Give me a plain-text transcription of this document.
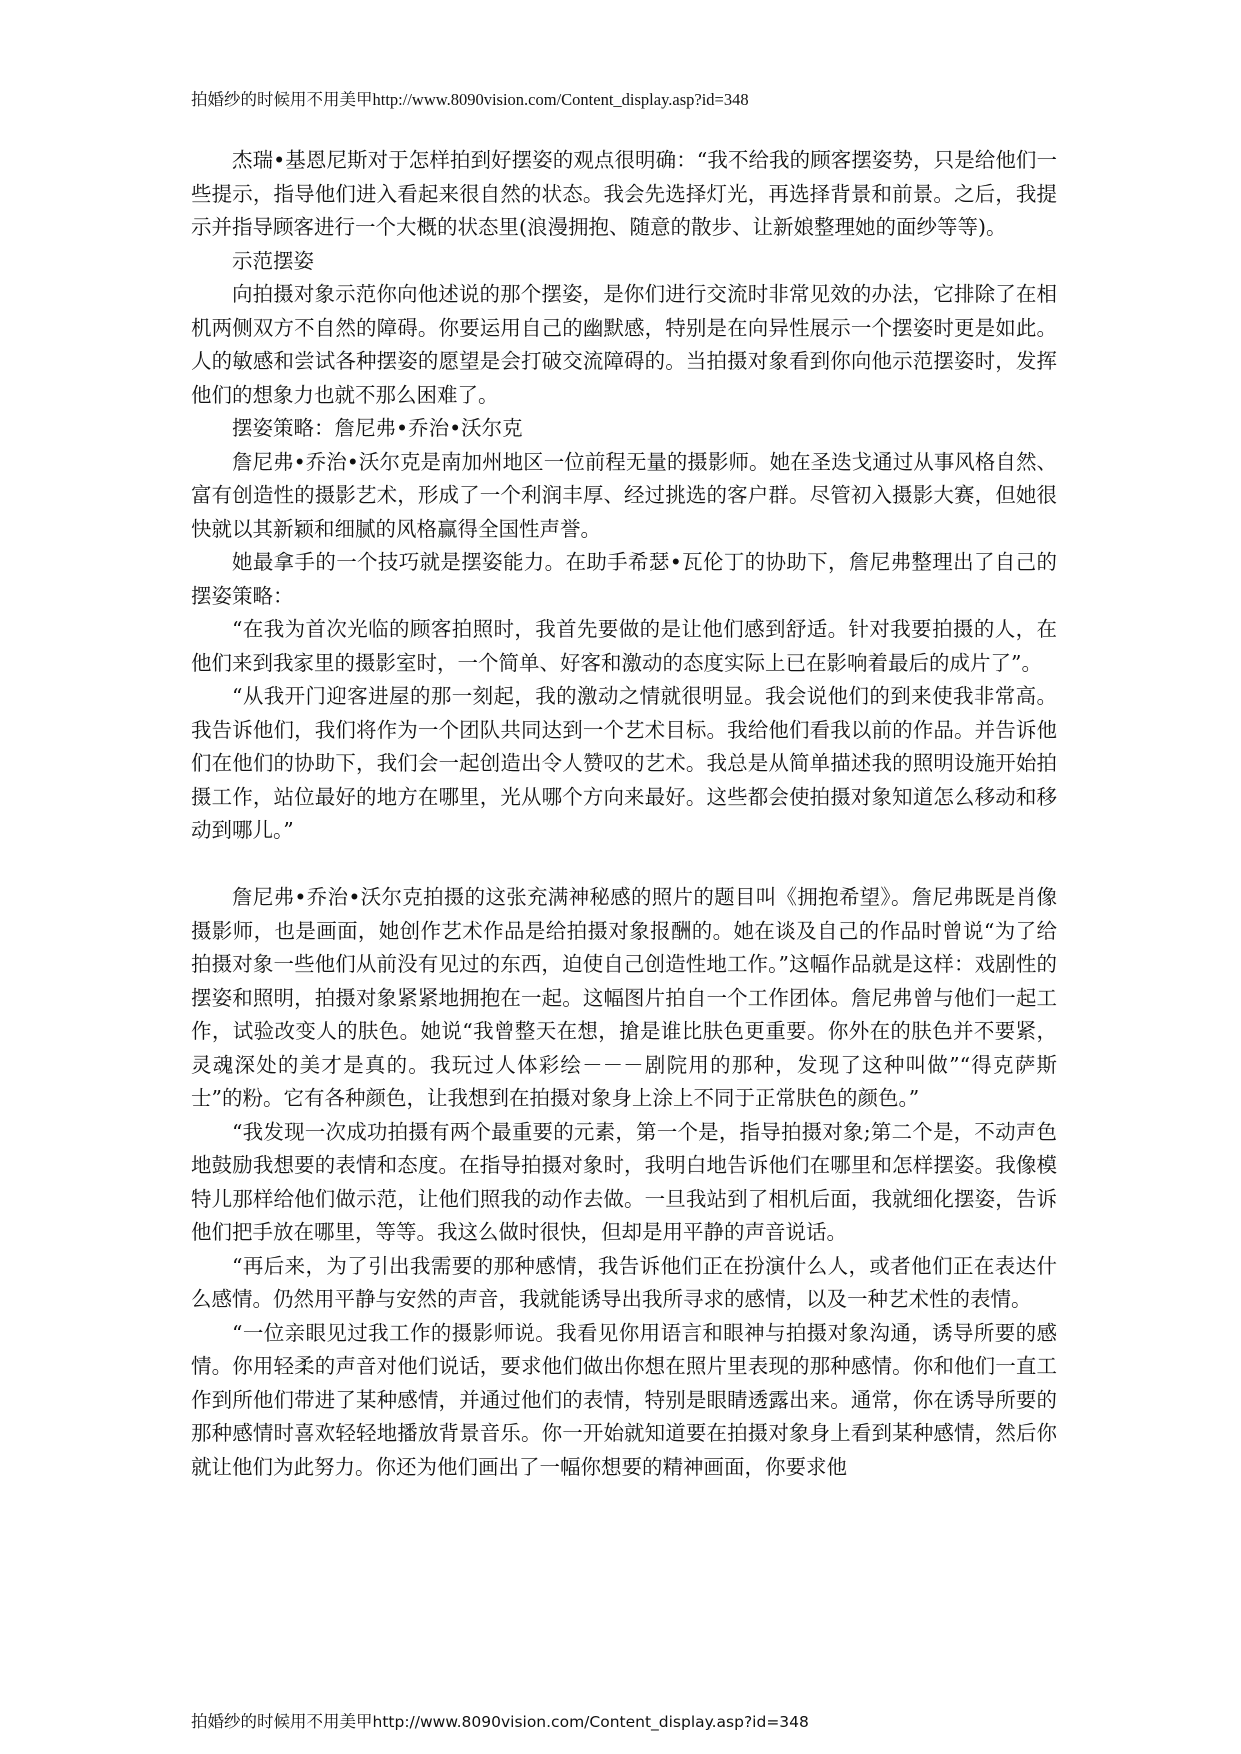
拍婚纱的时候用不用美甲http://www.8090vision.com/Content_display.asp?id=348

杰瑞•基恩尼斯对于怎样拍到好摆姿的观点很明确：“我不给我的顾客摆姿势，只是给他们一些提示，指导他们进入看起来很自然的状态。我会先选择灯光，再选择背景和前景。之后，我提示并指导顾客进行一个大概的状态里(浪漫拥抱、随意的散步、让新娘整理她的面纱等等)。

示范摆姿

向拍摄对象示范你向他述说的那个摆姿，是你们进行交流时非常见效的办法，它排除了在相机两侧双方不自然的障碍。你要运用自己的幽默感，特别是在向异性展示一个摆姿时更是如此。人的敏感和尝试各种摆姿的愿望是会打破交流障碍的。当拍摄对象看到你向他示范摆姿时，发挥他们的想象力也就不那么困难了。

摆姿策略：詹尼弗•乔治•沃尔克

詹尼弗•乔治•沃尔克是南加州地区一位前程无量的摄影师。她在圣迭戈通过从事风格自然、富有创造性的摄影艺术，形成了一个利润丰厚、经过挑选的客户群。尽管初入摄影大赛，但她很快就以其新颖和细腻的风格赢得全国性声誉。

她最拿手的一个技巧就是摆姿能力。在助手希瑟•瓦伦丁的协助下，詹尼弗整理出了自己的摆姿策略：

“在我为首次光临的顾客拍照时，我首先要做的是让他们感到舒适。针对我要拍摄的人，在他们来到我家里的摄影室时，一个简单、好客和激动的态度实际上已在影响着最后的成片了”。

“从我开门迎客进屋的那一刻起，我的激动之情就很明显。我会说他们的到来使我非常高。我告诉他们，我们将作为一个团队共同达到一个艺术目标。我给他们看我以前的作品。并告诉他们在他们的协助下，我们会一起创造出令人赞叹的艺术。我总是从简单描述我的照明设施开始拍摄工作，站位最好的地方在哪里，光从哪个方向来最好。这些都会使拍摄对象知道怎么移动和移动到哪儿。”

詹尼弗•乔治•沃尔克拍摄的这张充满神秘感的照片的题目叫《拥抱希望》。詹尼弗既是肖像摄影师，也是画面，她创作艺术作品是给拍摄对象报酬的。她在谈及自己的作品时曾说“为了给拍摄对象一些他们从前没有见过的东西，迫使自己创造性地工作。”这幅作品就是这样：戏剧性的摆姿和照明，拍摄对象紧紧地拥抱在一起。这幅图片拍自一个工作团体。詹尼弗曾与他们一起工作，试验改变人的肤色。她说“我曾整天在想，搶是谁比肤色更重要。你外在的肤色并不要紧，灵魂深处的美才是真的。我玩过人体彩绘－－－剧院用的那种，发现了这种叫做”“得克萨斯士”的粉。它有各种颜色，让我想到在拍摄对象身上涂上不同于正常肤色的颜色。”

“我发现一次成功拍摄有两个最重要的元素，第一个是，指导拍摄对象;第二个是，不动声色地鼓励我想要的表情和态度。在指导拍摄对象时，我明白地告诉他们在哪里和怎样摆姿。我像模特儿那样给他们做示范，让他们照我的动作去做。一旦我站到了相机后面，我就细化摆姿，告诉他们把手放在哪里，等等。我这么做时很快，但却是用平静的声音说话。

“再后来，为了引出我需要的那种感情，我告诉他们正在扮演什么人，或者他们正在表达什么感情。仍然用平静与安然的声音，我就能诱导出我所寻求的感情，以及一种艺术性的表情。

“一位亲眼见过我工作的摄影师说。我看见你用语言和眼神与拍摄对象沟通，诱导所要的感情。你用轻柔的声音对他们说话，要求他们做出你想在照片里表现的那种感情。你和他们一直工作到所他们带进了某种感情，并通过他们的表情，特别是眼睛透露出来。通常，你在诱导所要的那种感情时喜欢轻轻地播放背景音乐。你一开始就知道要在拍摄对象身上看到某种感情，然后你就让他们为此努力。你还为他们画出了一幅你想要的精神画面，你要求他

拍婚纱的时候用不用美甲http://www.8090vision.com/Content_display.asp?id=348
